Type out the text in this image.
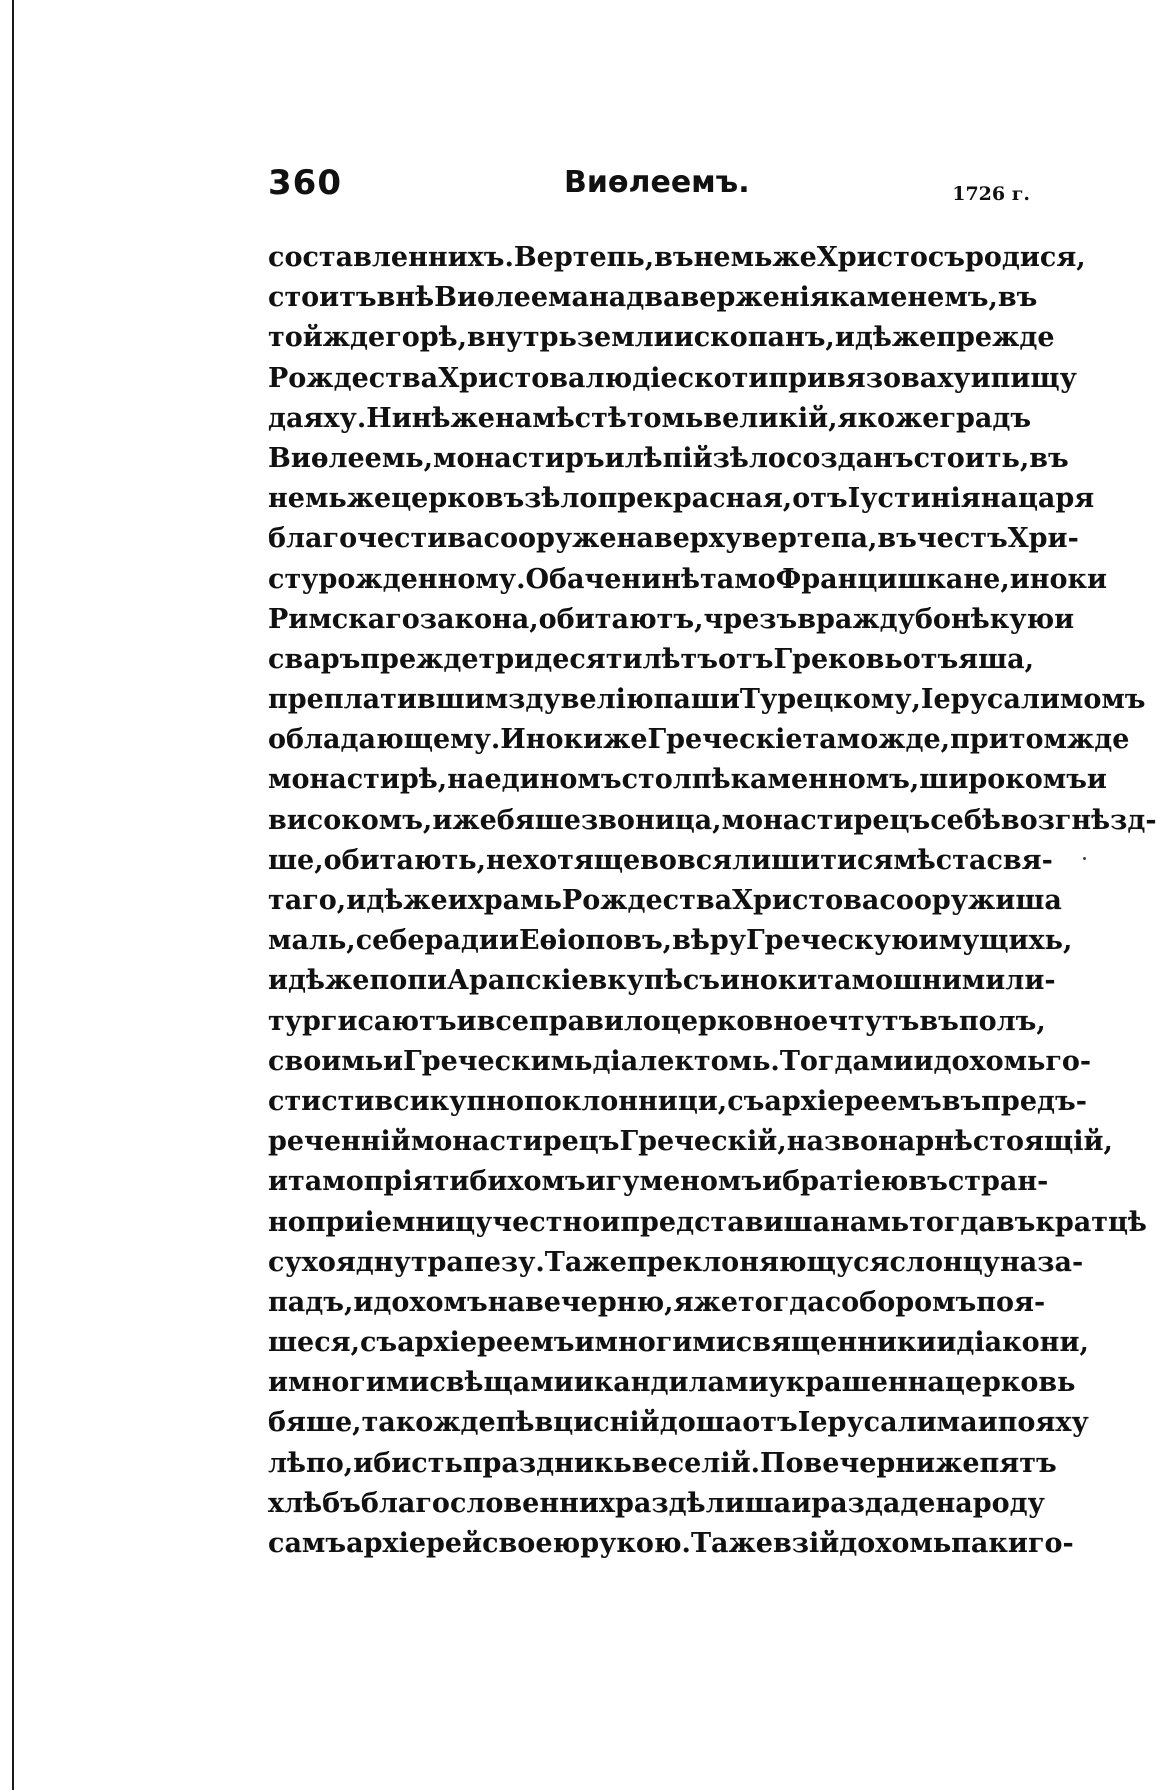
360	Виѳлеемъ.	1726 г.
составленнихъ. Вертепь, въ немь же Христосъ родися,
стоитъ внѣ Виѳлеема на два верженія каменемъ, въ
тойжде горѣ, внутрь земли ископанъ, идѣже прежде
Рождества Христова людіе скоти привязоваху и пищу
даяху. Нинѣ же на мѣстѣ томь великій, якоже градъ
Виѳлеемь, монастиръ и лѣпій зѣло созданъ стоить, въ
немь же церковъ зѣло прекрасная, отъ Іустиніяна царя
благочестива сооружена верху вертепа, въ честъ Хри-
сту рожденному. Обаче нинѣ тамо Францишкане, иноки
Римскаго закона, обитаютъ, чрезъ вражду бо нѣкую и
сваръ прежде тридесяти лѣтъ отъ Грековь отъяша,
преплативши мзду велію паши Турецкому, Іерусалимомъ
обладающему. Иноки же Греческіе таможде, при томжде
монастирѣ, на единомъ столпѣ каменномъ, широкомъ и
високомъ, иже бяше звоница, монастирецъ себѣ возгнѣзд-
ше, обитають, не хотяще вовся лишитися мѣста свя-
таго, идѣже и храмь Рождества Христова сооружиша
маль, себе ради и Еѳіоповъ, вѣру Греческую имущихь,
идѣже попи Арапскіе вкупѣ съ иноки тамошними ли-
тургисаютъ и все правило церковное чтутъ въполъ,
своимь и Греческимь діалектомь. Тогда ми идохомь го-
стисти вси купно поклонници, съ архіереемъ въ предъ-
реченній монастирецъ Греческій, на звонарнѣ стоящій,
и тамо пріяти бихомъ игуменомъ и братіею въ стран-
ноприіемницу честно и представиша намь тогда въкратцѣ
сухоядну трапезу. Таже преклоняющуся слонцу на за-
падъ, идохомъ на вечерню, яже тогда соборомъ поя-
шеся, съ архіереемъ и многими священники и діакони,
и многими свѣщами и кандилами украшенна церковь
бяше, такожде пѣвци снійдоша отъ Іерусалима и пояху
лѣпо, и бисть праздникь веселій. По вечерни же пятъ
хлѣбъ благословенних раздѣлиша и раздаде народу
самъ архіерей своею рукою. Таже взійдохомь паки го-
